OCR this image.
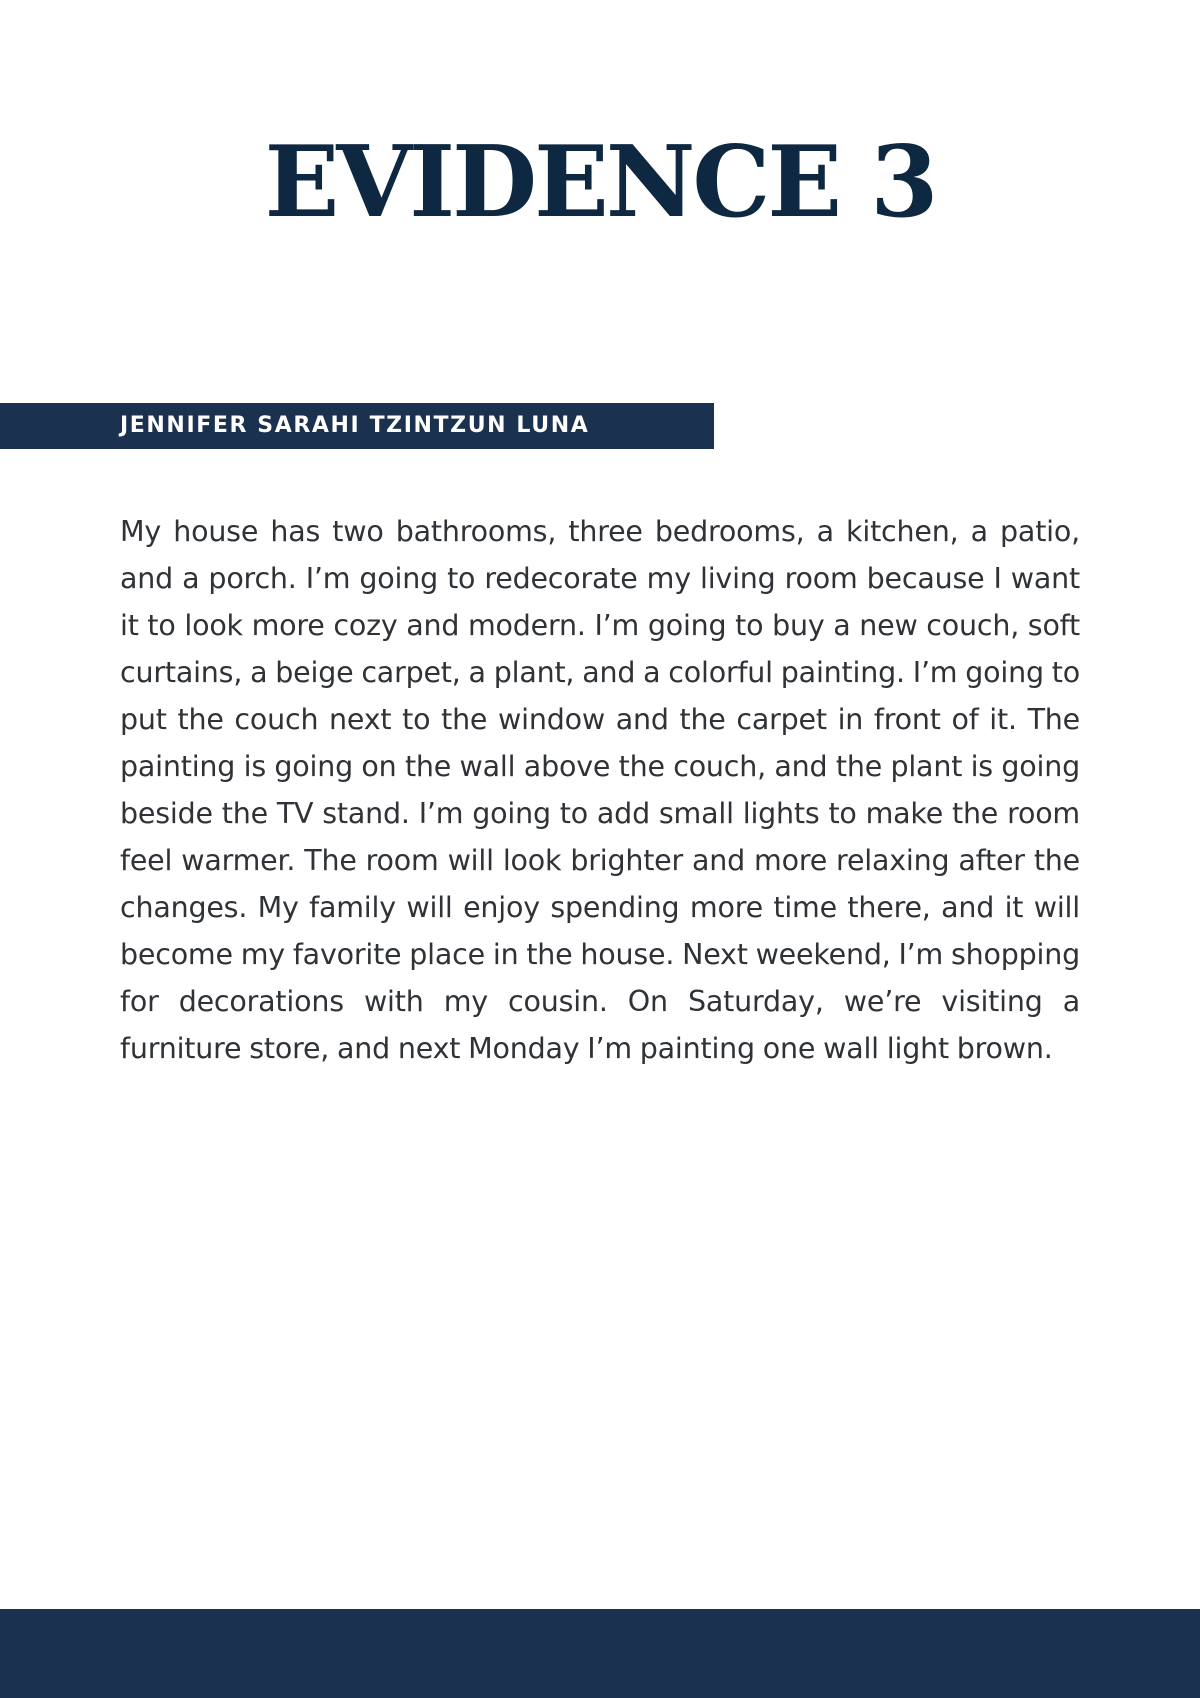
EVIDENCE 3
JENNIFER SARAHI TZINTZUN LUNA

My house has two bathrooms, three bedrooms, a kitchen, a patio, and a porch. I’m going to redecorate my living room because I want it to look more cozy and modern. I’m going to buy a new couch, soft curtains, a beige carpet, a plant, and a colorful painting. I’m going to put the couch next to the window and the carpet in front of it. The painting is going on the wall above the couch, and the plant is going beside the TV stand. I’m going to add small lights to make the room feel warmer. The room will look brighter and more relaxing after the changes. My family will enjoy spending more time there, and it will become my favorite place in the house. Next weekend, I’m shopping for decorations with my cousin. On Saturday, we’re visiting a furniture store, and next Monday I’m painting one wall light brown.
